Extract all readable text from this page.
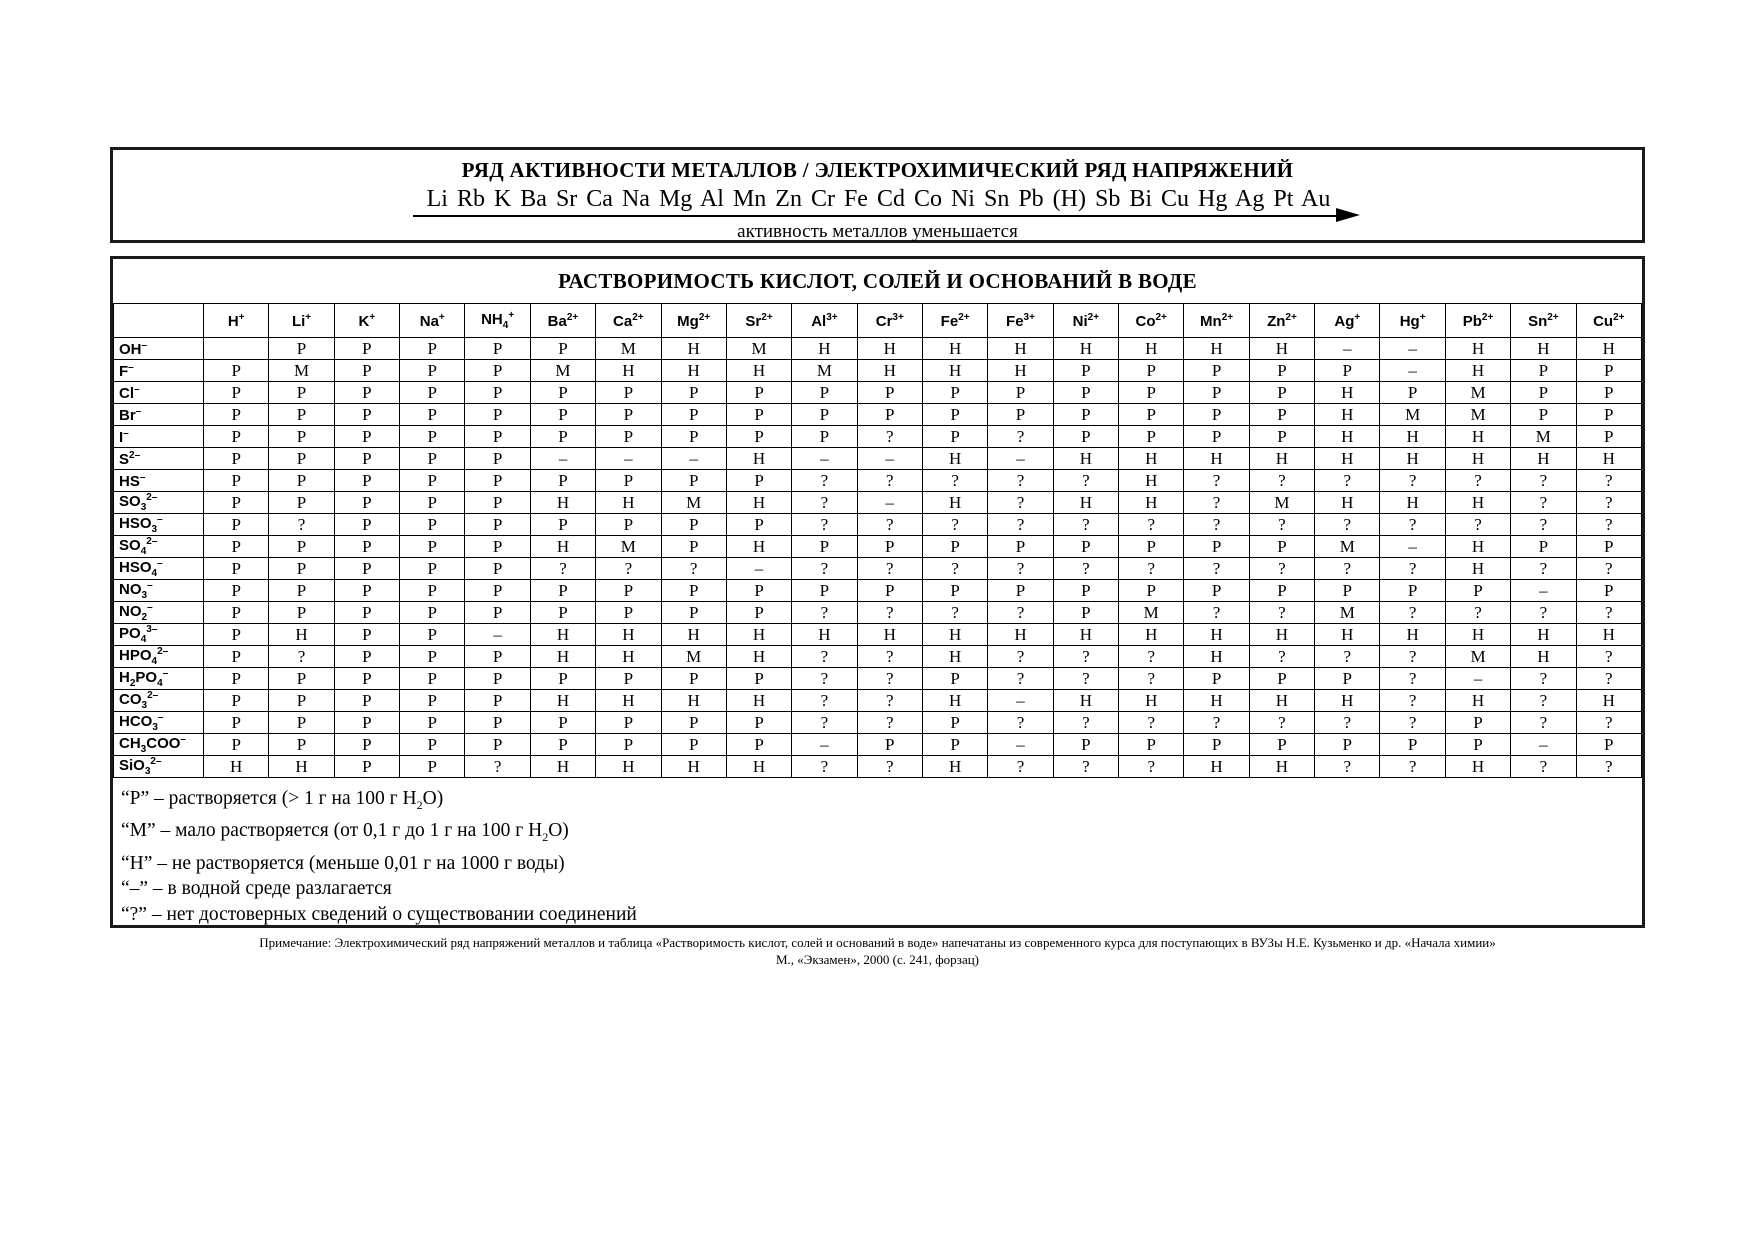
РЯД АКТИВНОСТИ МЕТАЛЛОВ / ЭЛЕКТРОХИМИЧЕСКИЙ РЯД НАПРЯЖЕНИЙ
Li Rb K Ba Sr Ca Na Mg Al Mn Zn Cr Fe Cd Co Ni Sn Pb (H) Sb Bi Cu Hg Ag Pt Au
активность металлов уменьшается
РАСТВОРИМОСТЬ КИСЛОТ, СОЛЕЙ И ОСНОВАНИЙ В ВОДЕ
	H+	Li+	K+	Na+	$NH_4^+$	$Ba^{2+}$	$Ca^{2+}$	$Mg^{2+}$	$Sr^{2+}$	$Al^{3+}$	$Cr^{3+}$	$Fe^{2+}$	$Fe^{3+}$	$Ni^{2+}$	$Co^{2+}$	$Mn^{2+}$	$Zn^{2+}$	Ag+	Hg+	$Pb^{2+}$	$Sn^{2+}$	$Cu^{2+}$
OH–		Р	Р	Р	Р	Р	М	Н	М	Н	Н	Н	Н	Н	Н	Н	Н	–	–	Н	Н	Н
F–	Р	М	Р	Р	Р	М	Н	Н	Н	М	Н	Н	Н	Р	Р	Р	Р	Р	–	Н	Р	Р
Cl–	Р	Р	Р	Р	Р	Р	Р	Р	Р	Р	Р	Р	Р	Р	Р	Р	Р	Н	Р	М	Р	Р
Br–	Р	Р	Р	Р	Р	Р	Р	Р	Р	Р	Р	Р	Р	Р	Р	Р	Р	Н	М	М	Р	Р
I–	Р	Р	Р	Р	Р	Р	Р	Р	Р	Р	?	Р	?	Р	Р	Р	Р	Н	Н	Н	М	Р
$S^{2-}$	Р	Р	Р	Р	Р	–	–	–	Н	–	–	Н	–	Н	Н	Н	Н	Н	Н	Н	Н	Н
HS–	Р	Р	Р	Р	Р	Р	Р	Р	Р	?	?	?	?	?	Н	?	?	?	?	?	?	?
$SO_3^{2-}$	Р	Р	Р	Р	Р	Н	Н	М	Н	?	–	Н	?	Н	Н	?	М	Н	Н	Н	?	?
$HSO_3^-$	Р	?	Р	Р	Р	Р	Р	Р	Р	?	?	?	?	?	?	?	?	?	?	?	?	?
$SO_4^{2-}$	Р	Р	Р	Р	Р	Н	М	Р	Н	Р	Р	Р	Р	Р	Р	Р	Р	М	–	Н	Р	Р
$HSO_4^-$	Р	Р	Р	Р	Р	?	?	?	–	?	?	?	?	?	?	?	?	?	?	Н	?	?
$NO_3^-$	Р	Р	Р	Р	Р	Р	Р	Р	Р	Р	Р	Р	Р	Р	Р	Р	Р	Р	Р	Р	–	Р
$NO_2^-$	Р	Р	Р	Р	Р	Р	Р	Р	Р	?	?	?	?	Р	М	?	?	М	?	?	?	?
$PO_4^{3-}$	Р	Н	Р	Р	–	Н	Н	Н	Н	Н	Н	Н	Н	Н	Н	Н	Н	Н	Н	Н	Н	Н
$HPO_4^{2-}$	Р	?	Р	Р	Р	Н	Н	М	Н	?	?	Н	?	?	?	Н	?	?	?	М	Н	?
$H_2PO_4^-$	Р	Р	Р	Р	Р	Р	Р	Р	Р	?	?	Р	?	?	?	Р	Р	Р	?	–	?	?
$CO_3^{2-}$	Р	Р	Р	Р	Р	Н	Н	Н	Н	?	?	Н	–	Н	Н	Н	Н	Н	?	Н	?	Н
$HCO_3^-$	Р	Р	Р	Р	Р	Р	Р	Р	Р	?	?	Р	?	?	?	?	?	?	?	Р	?	?
$CH_3COO^-$	Р	Р	Р	Р	Р	Р	Р	Р	Р	–	Р	Р	–	Р	Р	Р	Р	Р	Р	Р	–	Р
SiO$_3^{2-}$	Н	Н	Р	Р	?	Н	Н	Н	Н	?	?	Н	?	?	?	Н	Н	?	?	Н	?	?
“Р” – растворяется (> 1 г на 100 г $H_2O$)
“М” – мало растворяется (от 0,1 г до 1 г на 100 г $H_2O$)
“Н” – не растворяется (меньше 0,01 г на 1000 г воды)
“–” – в водной среде разлагается
“?” – нет достоверных сведений о существовании соединений
Примечание: Электрохимический ряд напряжений металлов и таблица «Растворимость кислот, солей и оснований в воде» напечатаны из современного курса для поступающих в ВУЗы Н.Е. Кузьменко и др. «Начала химии»
М., «Экзамен», 2000 (с. 241, форзац)
